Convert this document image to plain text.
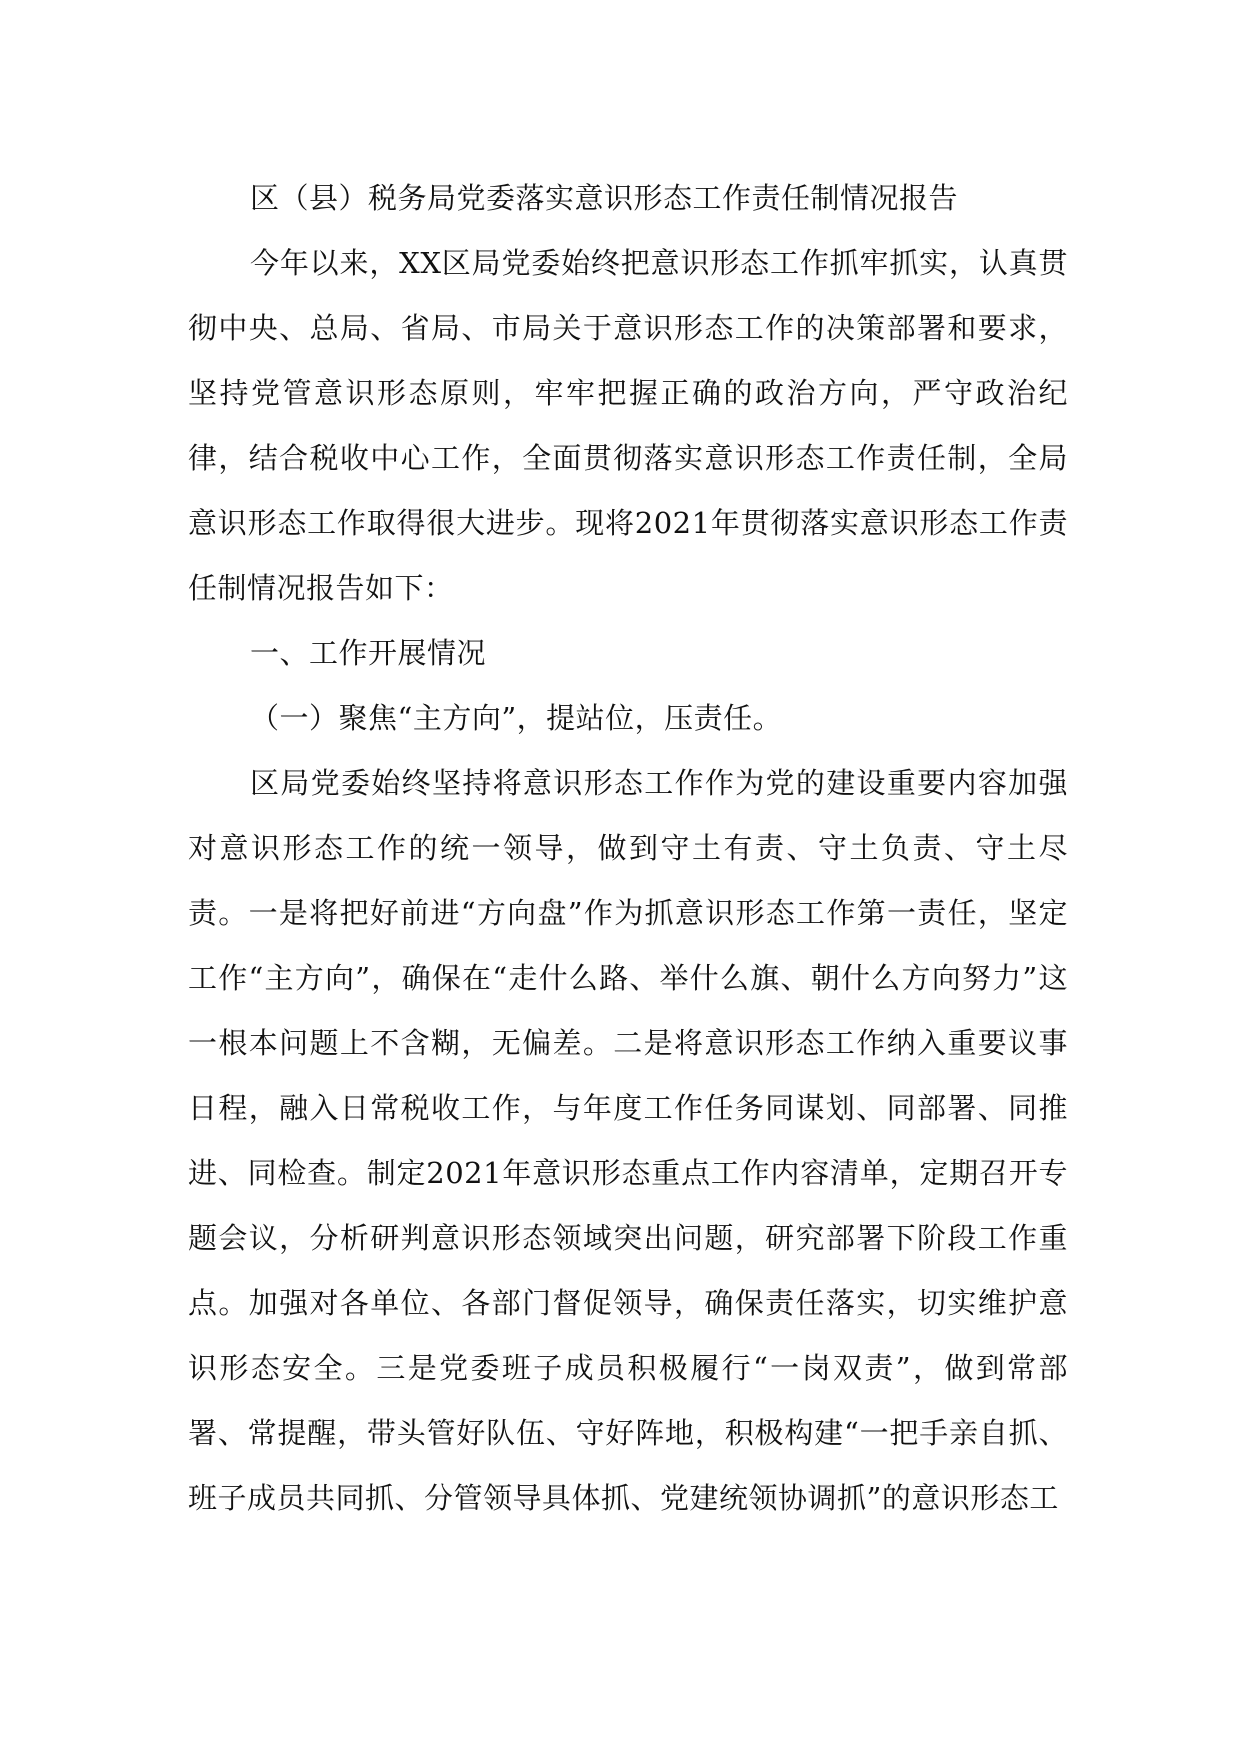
区（县）税务局党委落实意识形态工作责任制情况报告

今年以来，XX区局党委始终把意识形态工作抓牢抓实，认真贯彻中央、总局、省局、市局关于意识形态工作的决策部署和要求，坚持党管意识形态原则，牢牢把握正确的政治方向，严守政治纪律，结合税收中心工作，全面贯彻落实意识形态工作责任制，全局意识形态工作取得很大进步。现将2021年贯彻落实意识形态工作责任制情况报告如下：

一、工作开展情况

（一）聚焦“主方向”，提站位，压责任。

区局党委始终坚持将意识形态工作作为党的建设重要内容加强对意识形态工作的统一领导，做到守土有责、守土负责、守土尽责。一是将把好前进“方向盘”作为抓意识形态工作第一责任，坚定工作“主方向”，确保在“走什么路、举什么旗、朝什么方向努力”这一根本问题上不含糊，无偏差。二是将意识形态工作纳入重要议事日程，融入日常税收工作，与年度工作任务同谋划、同部署、同推进、同检查。制定2021年意识形态重点工作内容清单，定期召开专题会议，分析研判意识形态领域突出问题，研究部署下阶段工作重点。加强对各单位、各部门督促领导，确保责任落实，切实维护意识形态安全。三是党委班子成员积极履行“一岗双责”，做到常部署、常提醒，带头管好队伍、守好阵地，积极构建“一把手亲自抓、班子成员共同抓、分管领导具体抓、党建统领协调抓”的意识形态工
